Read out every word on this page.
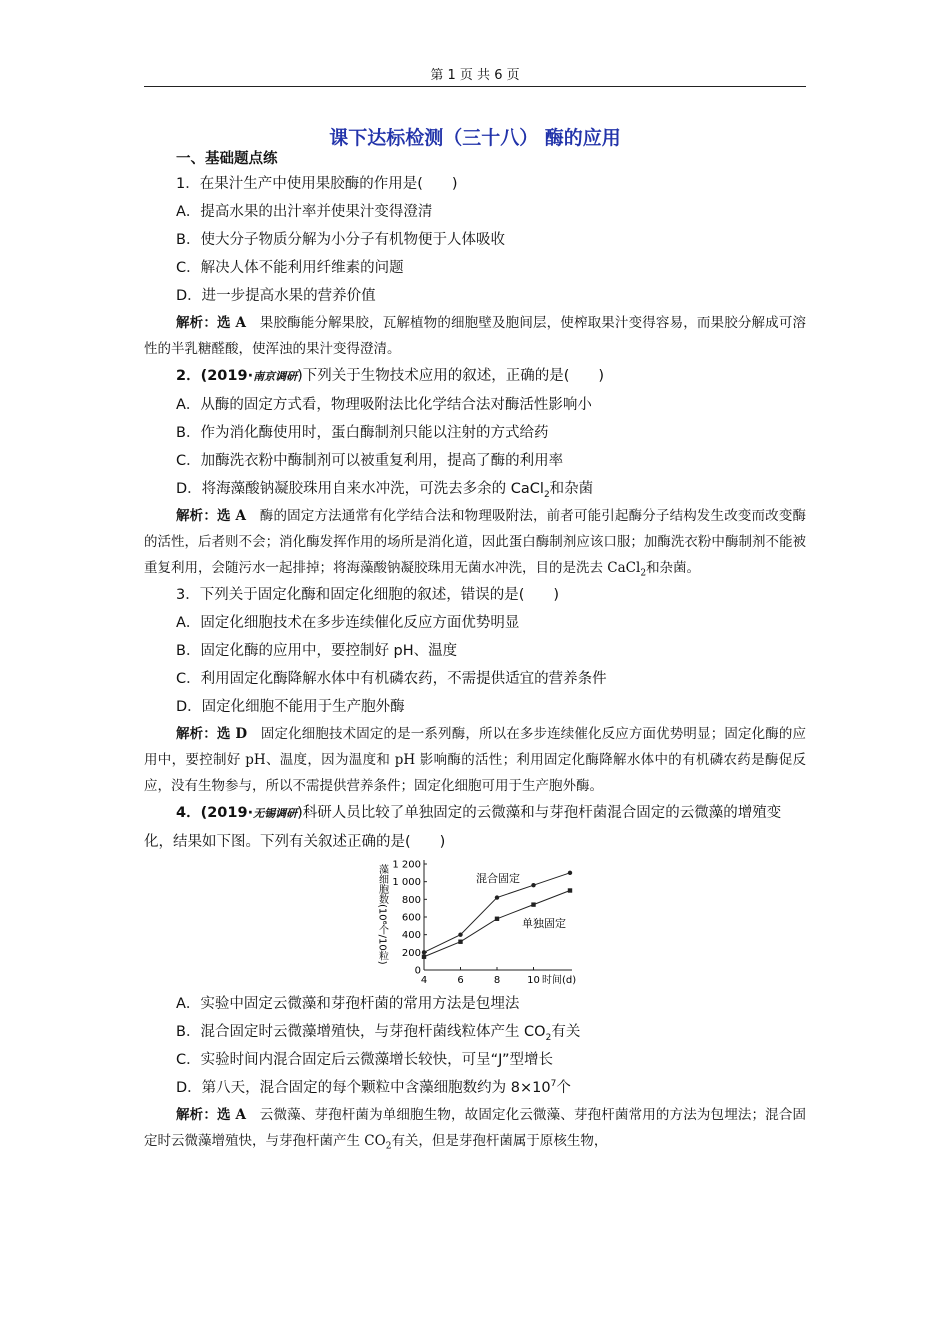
第 1 页 共 6 页
课下达标检测（三十八） 酶的应用
一、基础题点练
1．在果汁生产中使用果胶酶的作用是(　　)
A．提高水果的出汁率并使果汁变得澄清
B．使大分子物质分解为小分子有机物便于人体吸收
C．解决人体不能利用纤维素的问题
D．进一步提高水果的营养价值
解析：选 A　果胶酶能分解果胶，瓦解植物的细胞壁及胞间层，使榨取果汁变得容易，而果胶分解成可溶性的半乳糖醛酸，使浑浊的果汁变得澄清。
2．(2019·南京调研)下列关于生物技术应用的叙述，正确的是(　　)
A．从酶的固定方式看，物理吸附法比化学结合法对酶活性影响小
B．作为消化酶使用时，蛋白酶制剂只能以注射的方式给药
C．加酶洗衣粉中酶制剂可以被重复利用，提高了酶的利用率
D．将海藻酸钠凝胶珠用自来水冲洗，可洗去多余的 CaCl$_2$和杂菌
解析：选 A　酶的固定方法通常有化学结合法和物理吸附法，前者可能引起酶分子结构发生改变而改变酶的活性，后者则不会；消化酶发挥作用的场所是消化道，因此蛋白酶制剂应该口服；加酶洗衣粉中酶制剂不能被重复利用，会随污水一起排掉；将海藻酸钠凝胶珠用无菌水冲洗，目的是洗去 CaCl$_2$和杂菌。
3．下列关于固定化酶和固定化细胞的叙述，错误的是(　　)
A．固定化细胞技术在多步连续催化反应方面优势明显
B．固定化酶的应用中，要控制好 pH、温度
C．利用固定化酶降解水体中有机磷农药，不需提供适宜的营养条件
D．固定化细胞不能用于生产胞外酶
解析：选 D　固定化细胞技术固定的是一系列酶，所以在多步连续催化反应方面优势明显；固定化酶的应用中，要控制好 pH、温度，因为温度和 pH 影响酶的活性；利用固定化酶降解水体中的有机磷农药是酶促反应，没有生物参与，所以不需提供营养条件；固定化细胞可用于生产胞外酶。
4．(2019·无锡调研)科研人员比较了单独固定的云微藻和与芽孢杆菌混合固定的云微藻的增殖变化，结果如下图。下列有关叙述正确的是(　　)
0
200
400
600
800
1 000
1 200
4	6	8	10 时间(d)
藻细胞数(10⁶个/10粒)	混合固定
单独固定
A．实验中固定云微藻和芽孢杆菌的常用方法是包埋法
B．混合固定时云微藻增殖快，与芽孢杆菌线粒体产生 $CO_2$有关
C．实验时间内混合固定后云微藻增长较快，可呈“J”型增长
D．第八天，混合固定的每个颗粒中含藻细胞数约为 $8\times 10^7$个
解析：选 A　云微藻、芽孢杆菌为单细胞生物，故固定化云微藻、芽孢杆菌常用的方法为包埋法；混合固定时云微藻增殖快，与芽孢杆菌产生 $CO_2$有关，但是芽孢杆菌属于原核生物，
